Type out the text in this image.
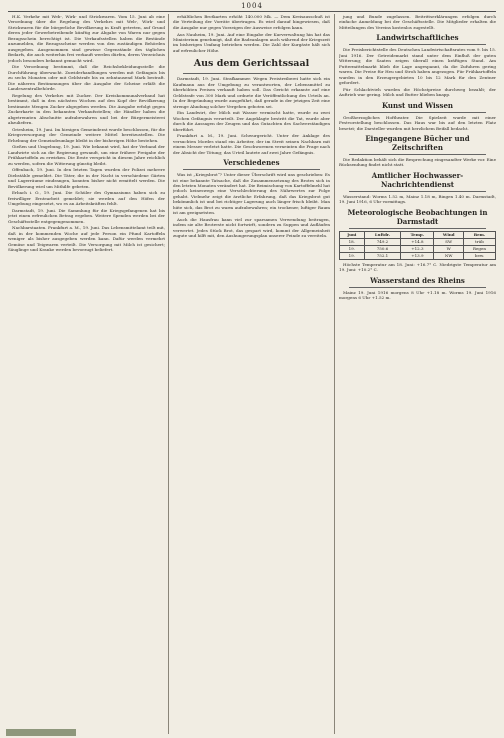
1004

H.K. Verkehr mit Web-, Wirk- und Strickwaren. Vom 15. Juni ab eine Verordnung über die Regelung des Verkehrs mit Web-, Wirk- und Strickwaren für die bürgerliche Bevölkerung in Kraft getreten, auf Grund deren jeder Gewerbetreibende künftig zur Abgabe von Waren nur gegen Bezugsschein berechtigt ist. Die Verkaufsstellen haben die Bestände anzumelden, die Bezugsscheine werden von den zuständigen Behörden ausgegeben. Ausgenommen sind gewisse Gegenstände des täglichen Bedarfs, die auch weiterhin frei verkauft werden dürfen, deren Verzeichnis jedoch besonders bekannt gemacht wird.

Die Verordnung bestimmt, daß die Reichsbekleidungsstelle die Durchführung überwacht. Zuwiderhandlungen werden mit Gefängnis bis zu sechs Monaten oder mit Geldstrafe bis zu zehntausend Mark bestraft. Die näheren Bestimmungen über die Ausgabe der Scheine erläßt die Landeszentralbehörde.

Regelung des Verkehrs mit Zucker. Der Kreiskommunalverband hat bestimmt, daß in den nächsten Wochen auf den Kopf der Bevölkerung bestimmte Mengen Zucker abgegeben werden. Die Ausgabe erfolgt gegen Zuckerkarte in den bekannten Verkaufsstellen; die Händler haben die abgetrennten Abschnitte aufzubewahren und bei der Bürgermeisterei abzuliefern.

Griesheim, 19. Juni. Im hiesigen Gemeinderat wurde beschlossen, für die Kriegsversorgung der Gemeinde weitere Mittel bereitzustellen. Die Erhebung der Gemeindeumlage bleibt in der bisherigen Höhe bestehen.

Gießen und Umgebung, 19. Juni. Wie bekannt wird, hat der Verband der Landwirte sich an die Regierung gewandt, um eine frühere Freigabe der Frühkartoffeln zu erwirken. Die Ernte verspricht in diesem Jahre reichlich zu werden, sofern die Witterung günstig bleibt.

Offenbach, 19. Juni. In den letzten Tagen wurden der Polizei mehrere Diebstähle gemeldet. Die Täter, die in der Nacht in verschiedene Gärten und Lagerräume eindrangen, konnten bisher nicht ermittelt werden. Die Bevölkerung wird um Mithilfe gebeten.

Erbach i. O., 19. Juni. Die Schüler des Gymnasiums haben sich zu freiwilliger Erntearbeit gemeldet; sie werden auf den Höfen der Umgebung eingesetzt, wo es an Arbeitskräften fehlt.

Darmstadt, 19. Juni. Die Sammlung für die Kriegsgefangenen hat bis jetzt einen erfreulichen Betrag ergeben. Weitere Spenden werden bei der Geschäftsstelle entgegengenommen.

Nachbarstaaten. Frankfurt a. M., 19. Juni. Das Lebensmittelamt teilt mit, daß in der kommenden Woche auf jede Person ein Pfund Kartoffeln weniger als bisher ausgegeben werden kann. Dafür werden vermehrt Gemüse und Teigwaren verteilt. Die Versorgung mit Milch ist gesichert; Säuglinge und Kranke werden bevorzugt beliefert.

erhältlichen Brotkarten erhöht 140.000 Mk. — Dem Kreisausschuß ist die Verteilung der Vorräte übertragen. Es wird darauf hingewiesen, daß die Ausgabe nur gegen Vorzeigen der Ausweise erfolgen kann.

Aus Nauheim, 19. Juni. Auf eine Eingabe der Kurverwaltung hin hat das Ministerium genehmigt, daß die Badeanlagen auch während der Kriegszeit im bisherigen Umfang betrieben werden. Die Zahl der Kurgäste hält sich auf erfreulicher Höhe.

Aus dem Gerichtssaal

Darmstadt, 19. Juni. Strafkammer. Wegen Preistreiberei hatte sich ein Kaufmann aus der Umgebung zu verantworten, der Lebensmittel zu überhöhten Preisen verkauft haben soll. Das Gericht erkannte auf eine Geldstrafe von 300 Mark und ordnete die Veröffentlichung des Urteils an. In der Begründung wurde ausgeführt, daß gerade in der jetzigen Zeit eine strenge Ahndung solcher Vergehen geboten sei.

Ein Landwirt, der Milch mit Wasser vermischt hatte, wurde zu zwei Wochen Gefängnis verurteilt. Der Angeklagte bestritt die Tat, wurde aber durch die Aussagen der Zeugen und das Gutachten des Sachverständigen überführt.

Frankfurt a. M., 19. Juni. Schwurgericht. Unter der Anklage des versuchten Mordes stand ein Arbeiter, der im Streit seinen Nachbarn mit einem Messer verletzt hatte. Die Geschworenen verneinten die Frage nach der Absicht der Tötung; das Urteil lautete auf zwei Jahre Gefängnis.

Verschiedenes

Was ist „Kriegsbrot“? Unter dieser Überschrift wird uns geschrieben: Es ist eine bekannte Tatsache, daß die Zusammensetzung des Brotes sich in den letzten Monaten verändert hat. Die Beimischung von Kartoffelmehl hat jedoch keineswegs eine Verschlechterung des Nährwertes zur Folge gehabt. Vielmehr zeigt die ärztliche Erfahrung, daß das Kriegsbrot gut bekömmlich ist und bei richtiger Lagerung auch länger frisch bleibt. Man hüte sich, das Brot zu warm aufzubewahren; ein trockener, luftiger Raum ist am geeignetsten.

Auch die Hausfrau kann viel zur sparsamen Verwendung beitragen, indem sie alte Brotreste nicht fortwirft, sondern zu Suppen und Aufläufen verwertet. Jedes Stück Brot, das gespart wird, kommt der Allgemeinheit zugute und hilft mit, den Aushungerungsplan unserer Feinde zu vereiteln.

jung und Bunde zugelassen. Beitrittserklärungen erfolgen durch einfache Anmeldung bei der Geschäftsstelle. Die Mitglieder erhalten die Mitteilungen des Vereins kostenlos zugestellt.

Landwirtschaftliches

Die Preisberichtstelle des Deutschen Landwirtschaftsrates vom 9. bis 15. Juni 1916. Der Getreidemarkt stand unter dem Einfluß der guten Witterung; die Saaten zeigen überall einen kräftigen Stand. Am Futtermittelmarkt blieb die Lage angespannt, da die Zufuhren gering waren. Die Preise für Heu und Stroh haben angezogen. Für Frühkartoffeln wurden in den Erzeugergebieten 10 bis 12 Mark für den Zentner gefordert.

Für Schlachtvieh wurden die Höchstpreise durchweg bezahlt; der Auftrieb war gering. Milch und Butter blieben knapp.

Kunst und Wissen

Großherzogliches Hoftheater. Die Spielzeit wurde mit einer Festvorstellung beschlossen. Das Haus war bis auf den letzten Platz besetzt; die Darsteller wurden mit herzlichem Beifall bedacht.

Eingegangene Bücher und Zeitschriften

Die Redaktion behält sich die Besprechung eingesandter Werke vor. Eine Rücksendung findet nicht statt.

Amtlicher Hochwasser-Nachrichtendienst

Wasserstand: Worms 1.52 m, Mainz 1.18 m, Bingen 1.40 m. Darmstadt, 19. Juni 1916, 6 Uhr vormittags.

Meteorologische Beobachtungen in Darmstadt
Juni	Luftdr.	Temp.	Wind	Bem.
18.	749.2	+14.8	SW	trüb
19.	750.6	+12.3	W	Regen
19.	752.1	+13.9	NW	bew.

Höchste Temperatur am 18. Juni: +16.7° C. Niedrigste Temperatur am 19. Juni: +10.2° C.

Wasserstand des Rheins

Mainz 19. Juni 1916 morgens 8 Uhr +1.18 m. Worms 19. Juni 1916 morgens 6 Uhr +1.52 m.
